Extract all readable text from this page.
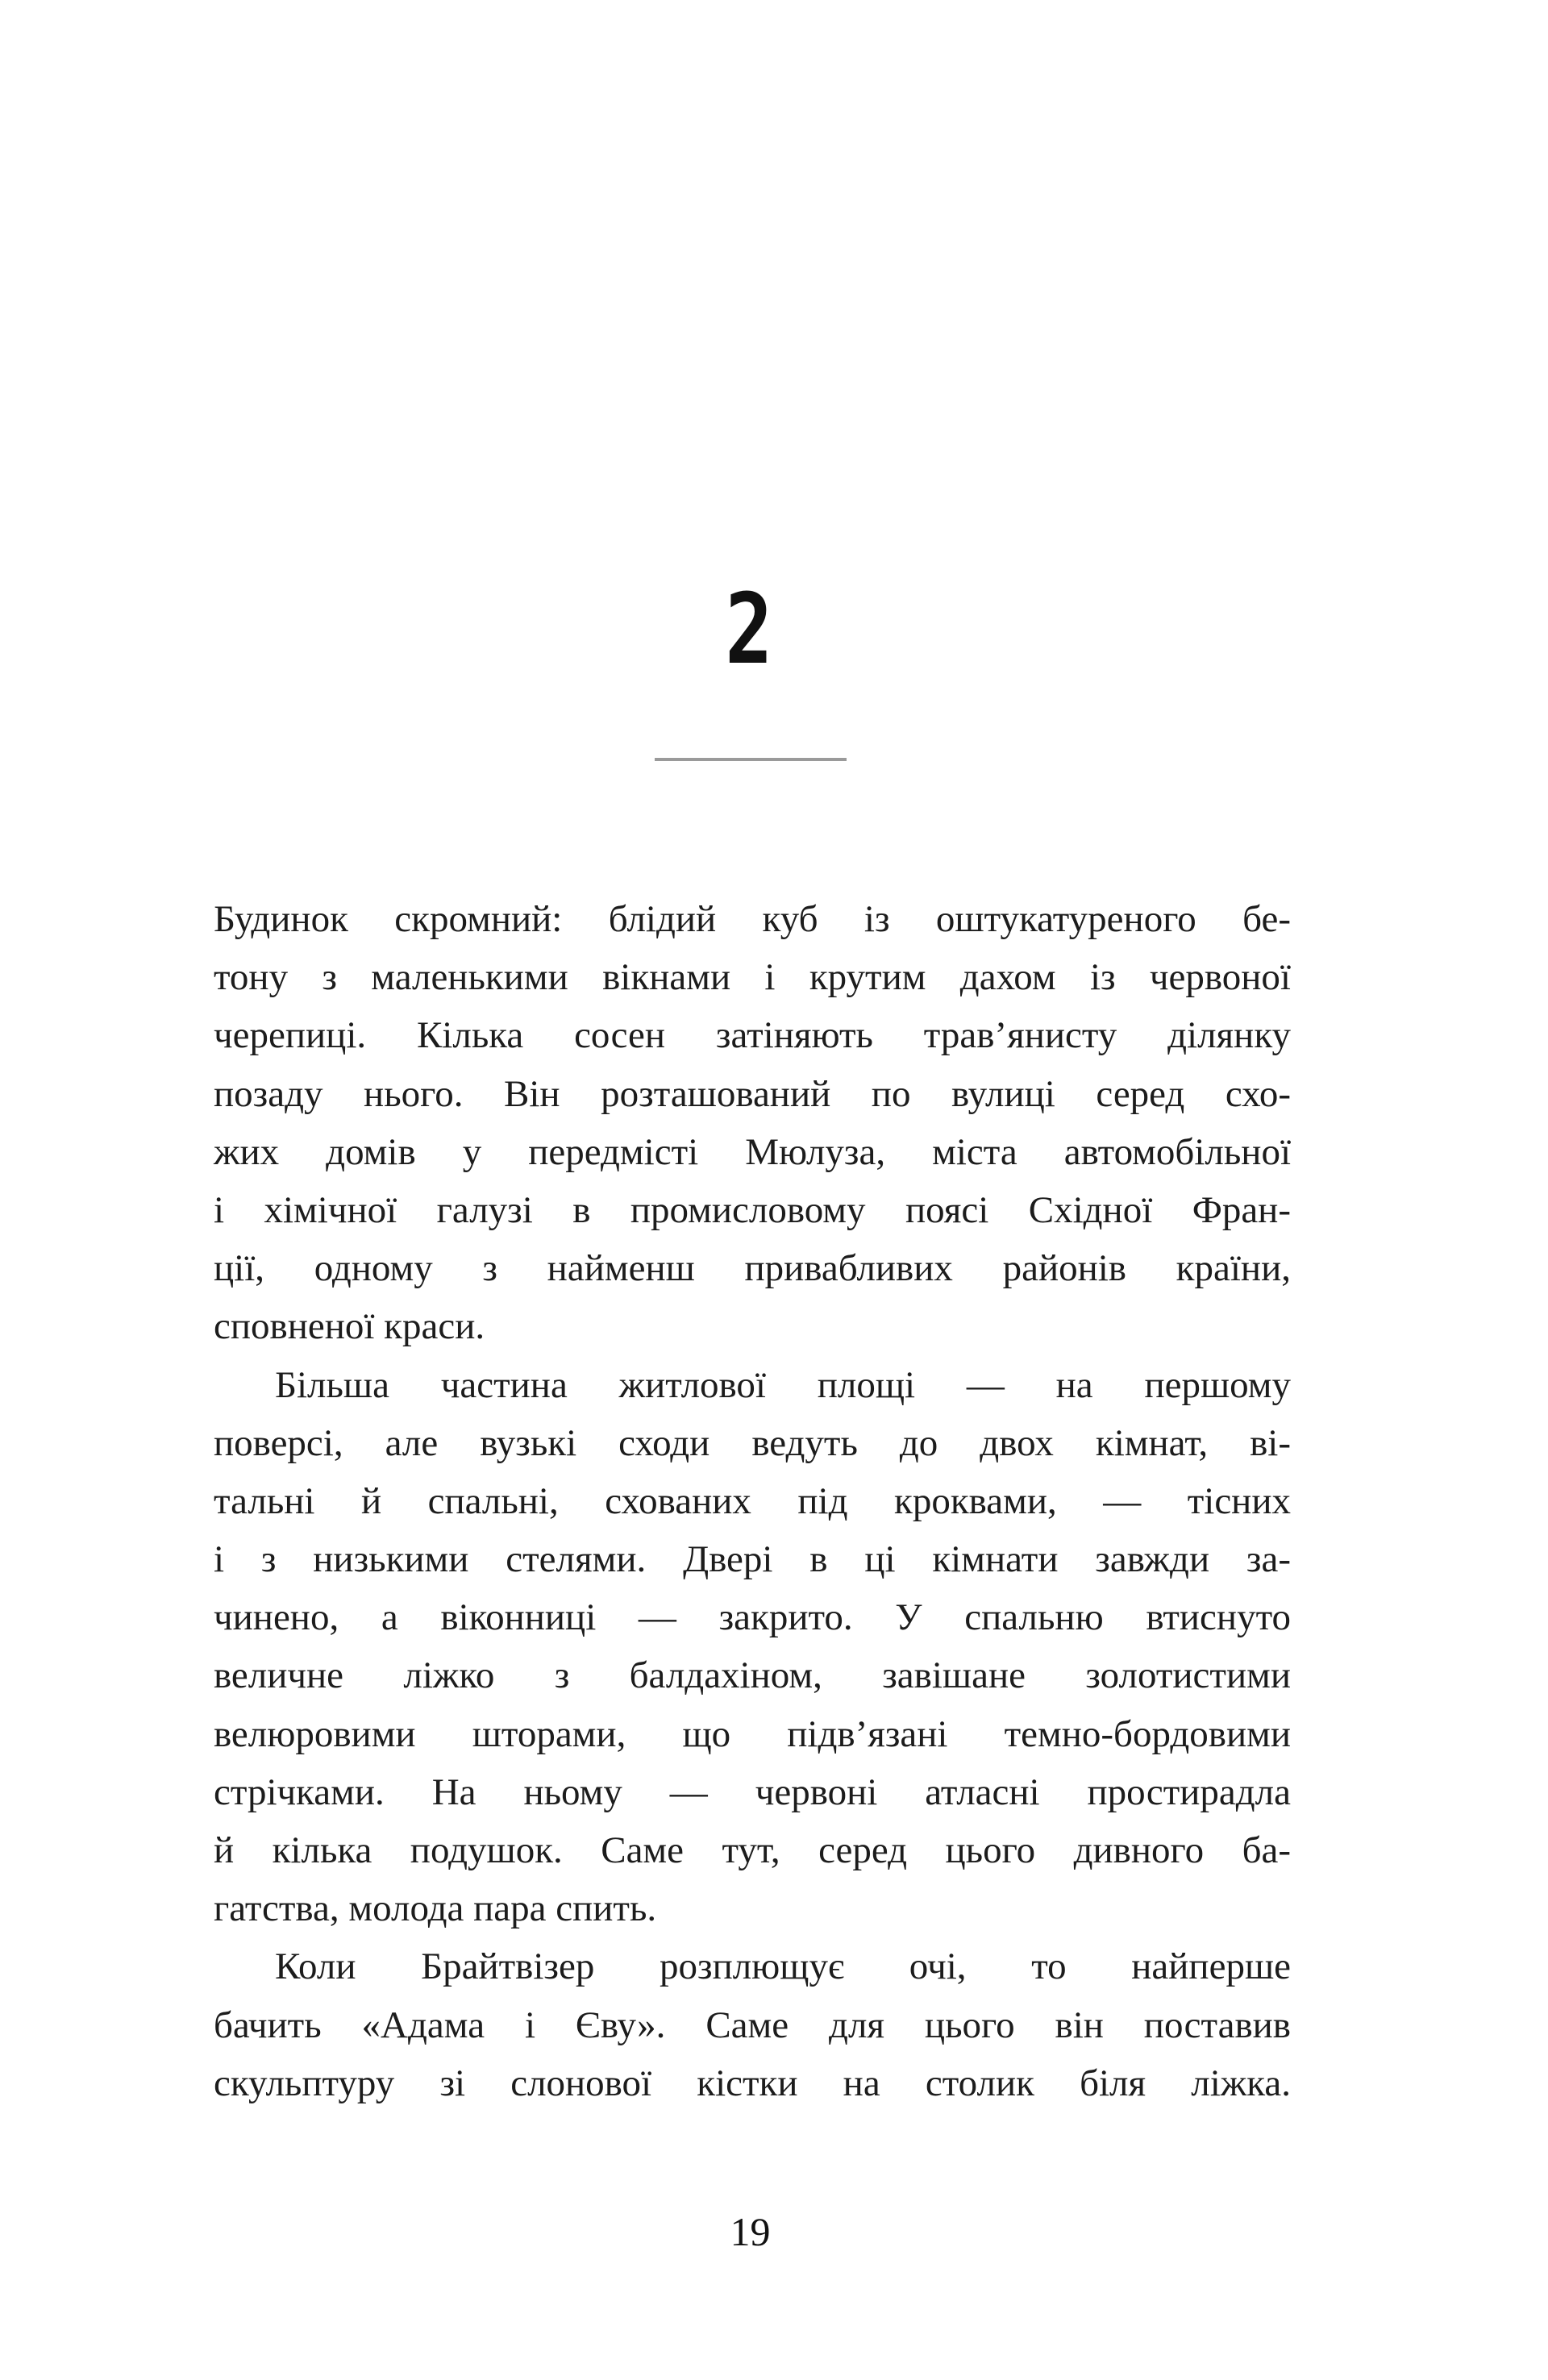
2
Будинок скромний: блідий куб із оштукатуреного бе-
тону з маленькими вікнами і крутим дахом із червоної
черепиці. Кілька сосен затіняють трав’янисту ділянку
позаду нього. Він розташований по вулиці серед схо-
жих домів у передмісті Мюлуза, міста автомобільної
і хімічної галузі в промисловому поясі Східної Фран-
ції, одному з найменш привабливих районів країни,
сповненої краси.
Більша частина житлової площі — на першому
поверсі, але вузькі сходи ведуть до двох кімнат, ві-
тальні й спальні, схованих під кроквами, — тісних
і з низькими стелями. Двері в ці кімнати завжди за-
чинено, а віконниці — закрито. У спальню втиснуто
величне ліжко з балдахіном, завішане золотистими
велюровими шторами, що підв’язані темно-бордовими
стрічками. На ньому — червоні атласні простирадла
й кілька подушок. Саме тут, серед цього дивного ба-
гатства, молода пара спить.
Коли Брайтвізер розплющує очі, то найперше
бачить «Адама і Єву». Саме для цього він поставив
скульптуру зі слонової кістки на столик біля ліжка.
19
